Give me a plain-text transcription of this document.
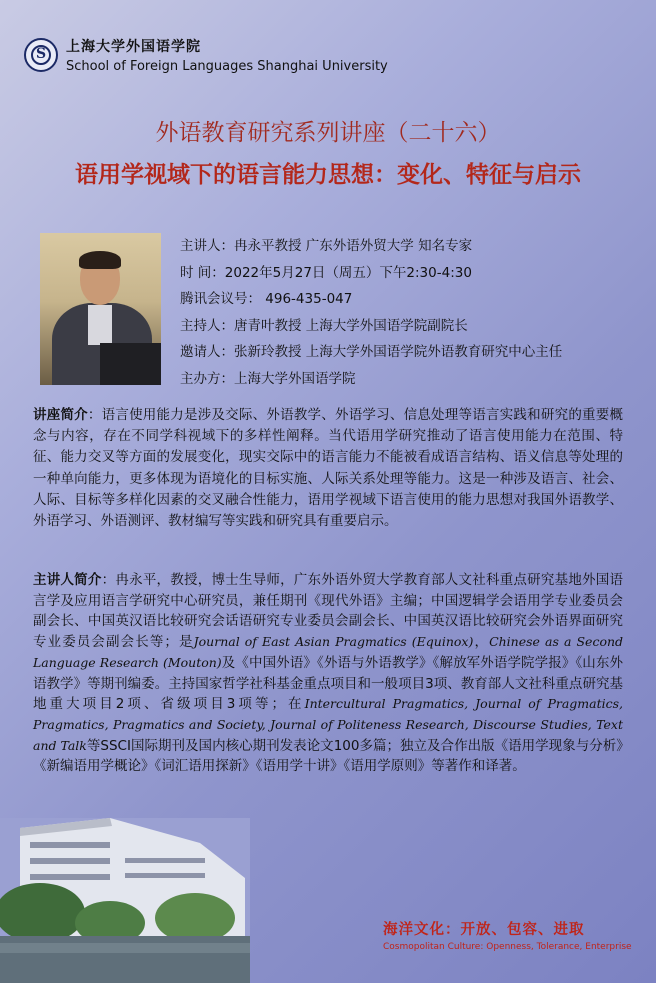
S
上海大学外国语学院
School of Foreign Languages Shanghai University
外语教育研究系列讲座（二十六）
语用学视域下的语言能力思想：变化、特征与启示
主讲人：冉永平教授 广东外语外贸大学 知名专家
时 间：2022年5月27日（周五）下午2:30-4:30
腾讯会议号： 496-435-047
主持人：唐青叶教授 上海大学外国语学院副院长
邀请人：张新玲教授 上海大学外国语学院外语教育研究中心主任
主办方：上海大学外国语学院
讲座简介：语言使用能力是涉及交际、外语教学、外语学习、信息处理等语言实践和研究的重要概念与内容，存在不同学科视域下的多样性阐释。当代语用学研究推动了语言使用能力在范围、特征、能力交叉等方面的发展变化，现实交际中的语言能力不能被看成语言结构、语义信息等处理的一种单向能力，更多体现为语境化的目标实施、人际关系处理等能力。这是一种涉及语言、社会、人际、目标等多样化因素的交叉融合性能力，语用学视域下语言使用的能力思想对我国外语教学、外语学习、外语测评、教材编写等实践和研究具有重要启示。
主讲人简介：冉永平，教授，博士生导师，广东外语外贸大学教育部人文社科重点研究基地外国语言学及应用语言学研究中心研究员，兼任期刊《现代外语》主编；中国逻辑学会语用学专业委员会副会长、中国英汉语比较研究会话语研究专业委员会副会长、中国英汉语比较研究会外语界面研究专业委员会副会长等；是Journal of East Asian Pragmatics (Equinox)，Chinese as a Second Language Research (Mouton)及《中国外语》《外语与外语教学》《解放军外语学院学报》《山东外语教学》等期刊编委。主持国家哲学社科基金重点项目和一般项目3项、教育部人文社科重点研究基地重大项目2项、省级项目3项等；在Intercultural Pragmatics, Journal of Pragmatics, Pragmatics, Pragmatics and Society, Journal of Politeness Research, Discourse Studies, Text and Talk等SSCI国际期刊及国内核心期刊发表论文100多篇；独立及合作出版《语用学现象与分析》《新编语用学概论》《词汇语用探新》《语用学十讲》《语用学原则》等著作和译著。
海洋文化：开放、包容、进取
Cosmopolitan Culture: Openness, Tolerance, Enterprise
